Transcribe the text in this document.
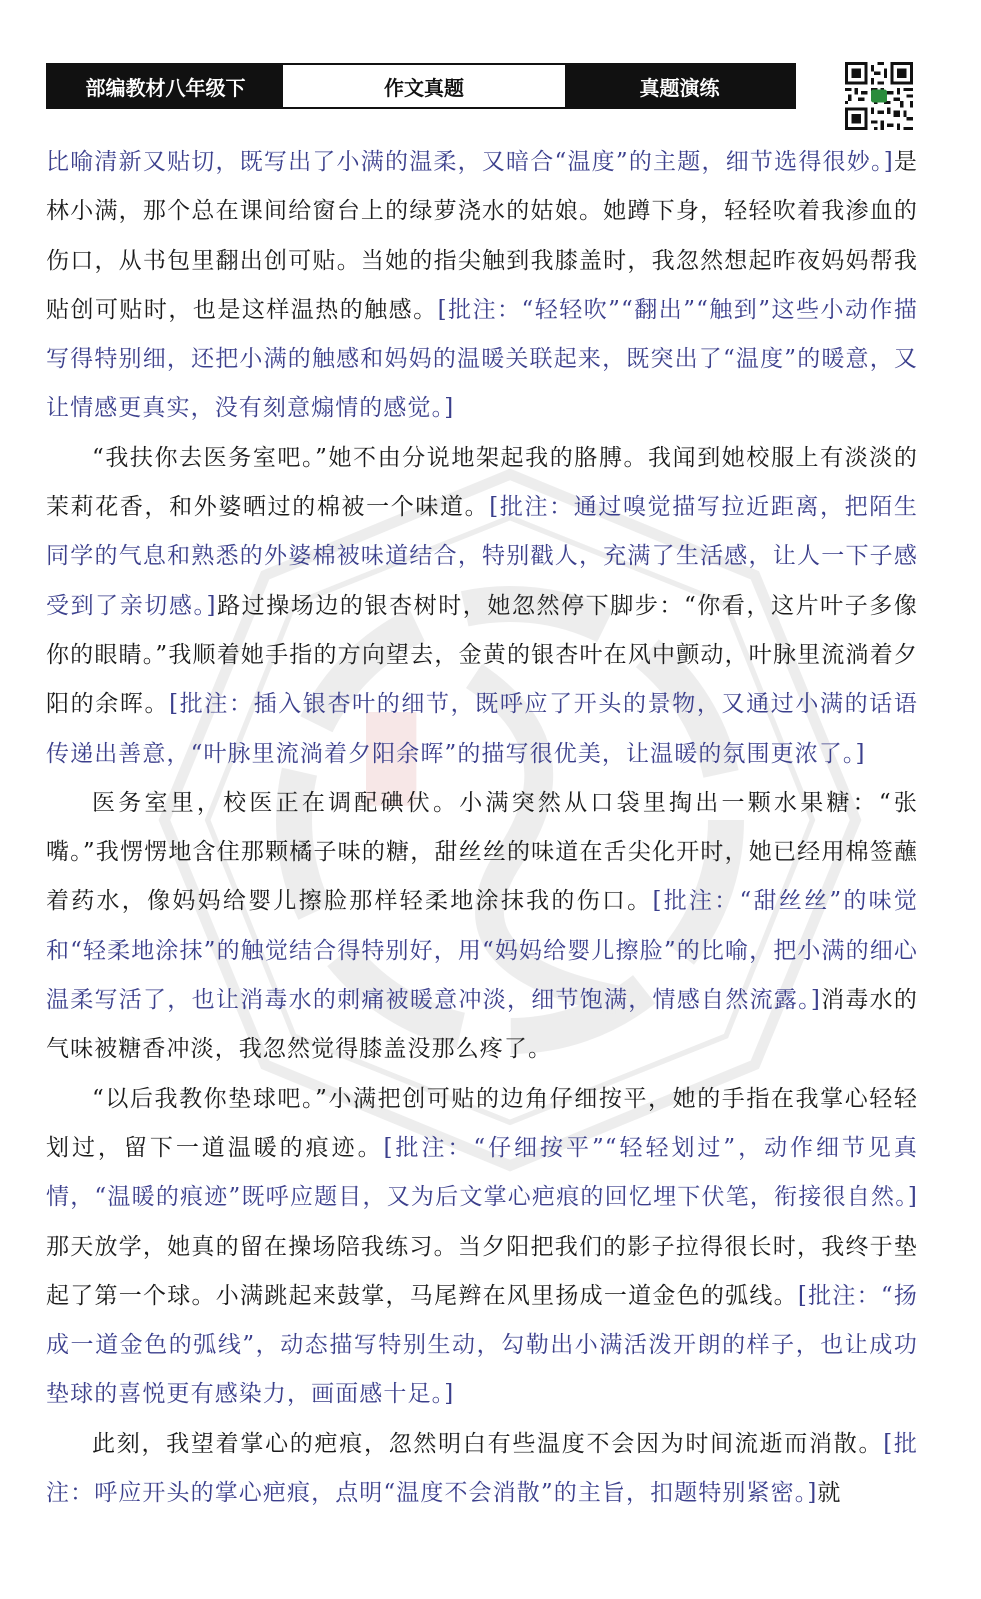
部编教材八年级下	作文真题	真题演练

比喻清新又贴切，既写出了小满的温柔，又暗合“温度”的主题，细节选得很妙。]是林小满，那个总在课间给窗台上的绿萝浇水的姑娘。她蹲下身，轻轻吹着我渗血的伤口，从书包里翻出创可贴。当她的指尖触到我膝盖时，我忽然想起昨夜妈妈帮我贴创可贴时，也是这样温热的触感。[批注：“轻轻吹”“翻出”“触到”这些小动作描写得特别细，还把小满的触感和妈妈的温暖关联起来，既突出了“温度”的暖意，又让情感更真实，没有刻意煽情的感觉。]

“我扶你去医务室吧。”她不由分说地架起我的胳膊。我闻到她校服上有淡淡的茉莉花香，和外婆晒过的棉被一个味道。[批注：通过嗅觉描写拉近距离，把陌生同学的气息和熟悉的外婆棉被味道结合，特别戳人，充满了生活感，让人一下子感受到了亲切感。]路过操场边的银杏树时，她忽然停下脚步：“你看，这片叶子多像你的眼睛。”我顺着她手指的方向望去，金黄的银杏叶在风中颤动，叶脉里流淌着夕阳的余晖。[批注：插入银杏叶的细节，既呼应了开头的景物，又通过小满的话语传递出善意，“叶脉里流淌着夕阳余晖”的描写很优美，让温暖的氛围更浓了。]

医务室里，校医正在调配碘伏。小满突然从口袋里掏出一颗水果糖：“张嘴。”我愣愣地含住那颗橘子味的糖，甜丝丝的味道在舌尖化开时，她已经用棉签蘸着药水，像妈妈给婴儿擦脸那样轻柔地涂抹我的伤口。[批注：“甜丝丝”的味觉和“轻柔地涂抹”的触觉结合得特别好，用“妈妈给婴儿擦脸”的比喻，把小满的细心温柔写活了，也让消毒水的刺痛被暖意冲淡，细节饱满，情感自然流露。]消毒水的气味被糖香冲淡，我忽然觉得膝盖没那么疼了。

“以后我教你垫球吧。”小满把创可贴的边角仔细按平，她的手指在我掌心轻轻划过，留下一道温暖的痕迹。[批注：“仔细按平”“轻轻划过”，动作细节见真情，“温暖的痕迹”既呼应题目，又为后文掌心疤痕的回忆埋下伏笔，衔接很自然。]那天放学，她真的留在操场陪我练习。当夕阳把我们的影子拉得很长时，我终于垫起了第一个球。小满跳起来鼓掌，马尾辫在风里扬成一道金色的弧线。[批注：“扬成一道金色的弧线”，动态描写特别生动，勾勒出小满活泼开朗的样子，也让成功垫球的喜悦更有感染力，画面感十足。]

此刻，我望着掌心的疤痕，忽然明白有些温度不会因为时间流逝而消散。[批注：呼应开头的掌心疤痕，点明“温度不会消散”的主旨，扣题特别紧密。]就
